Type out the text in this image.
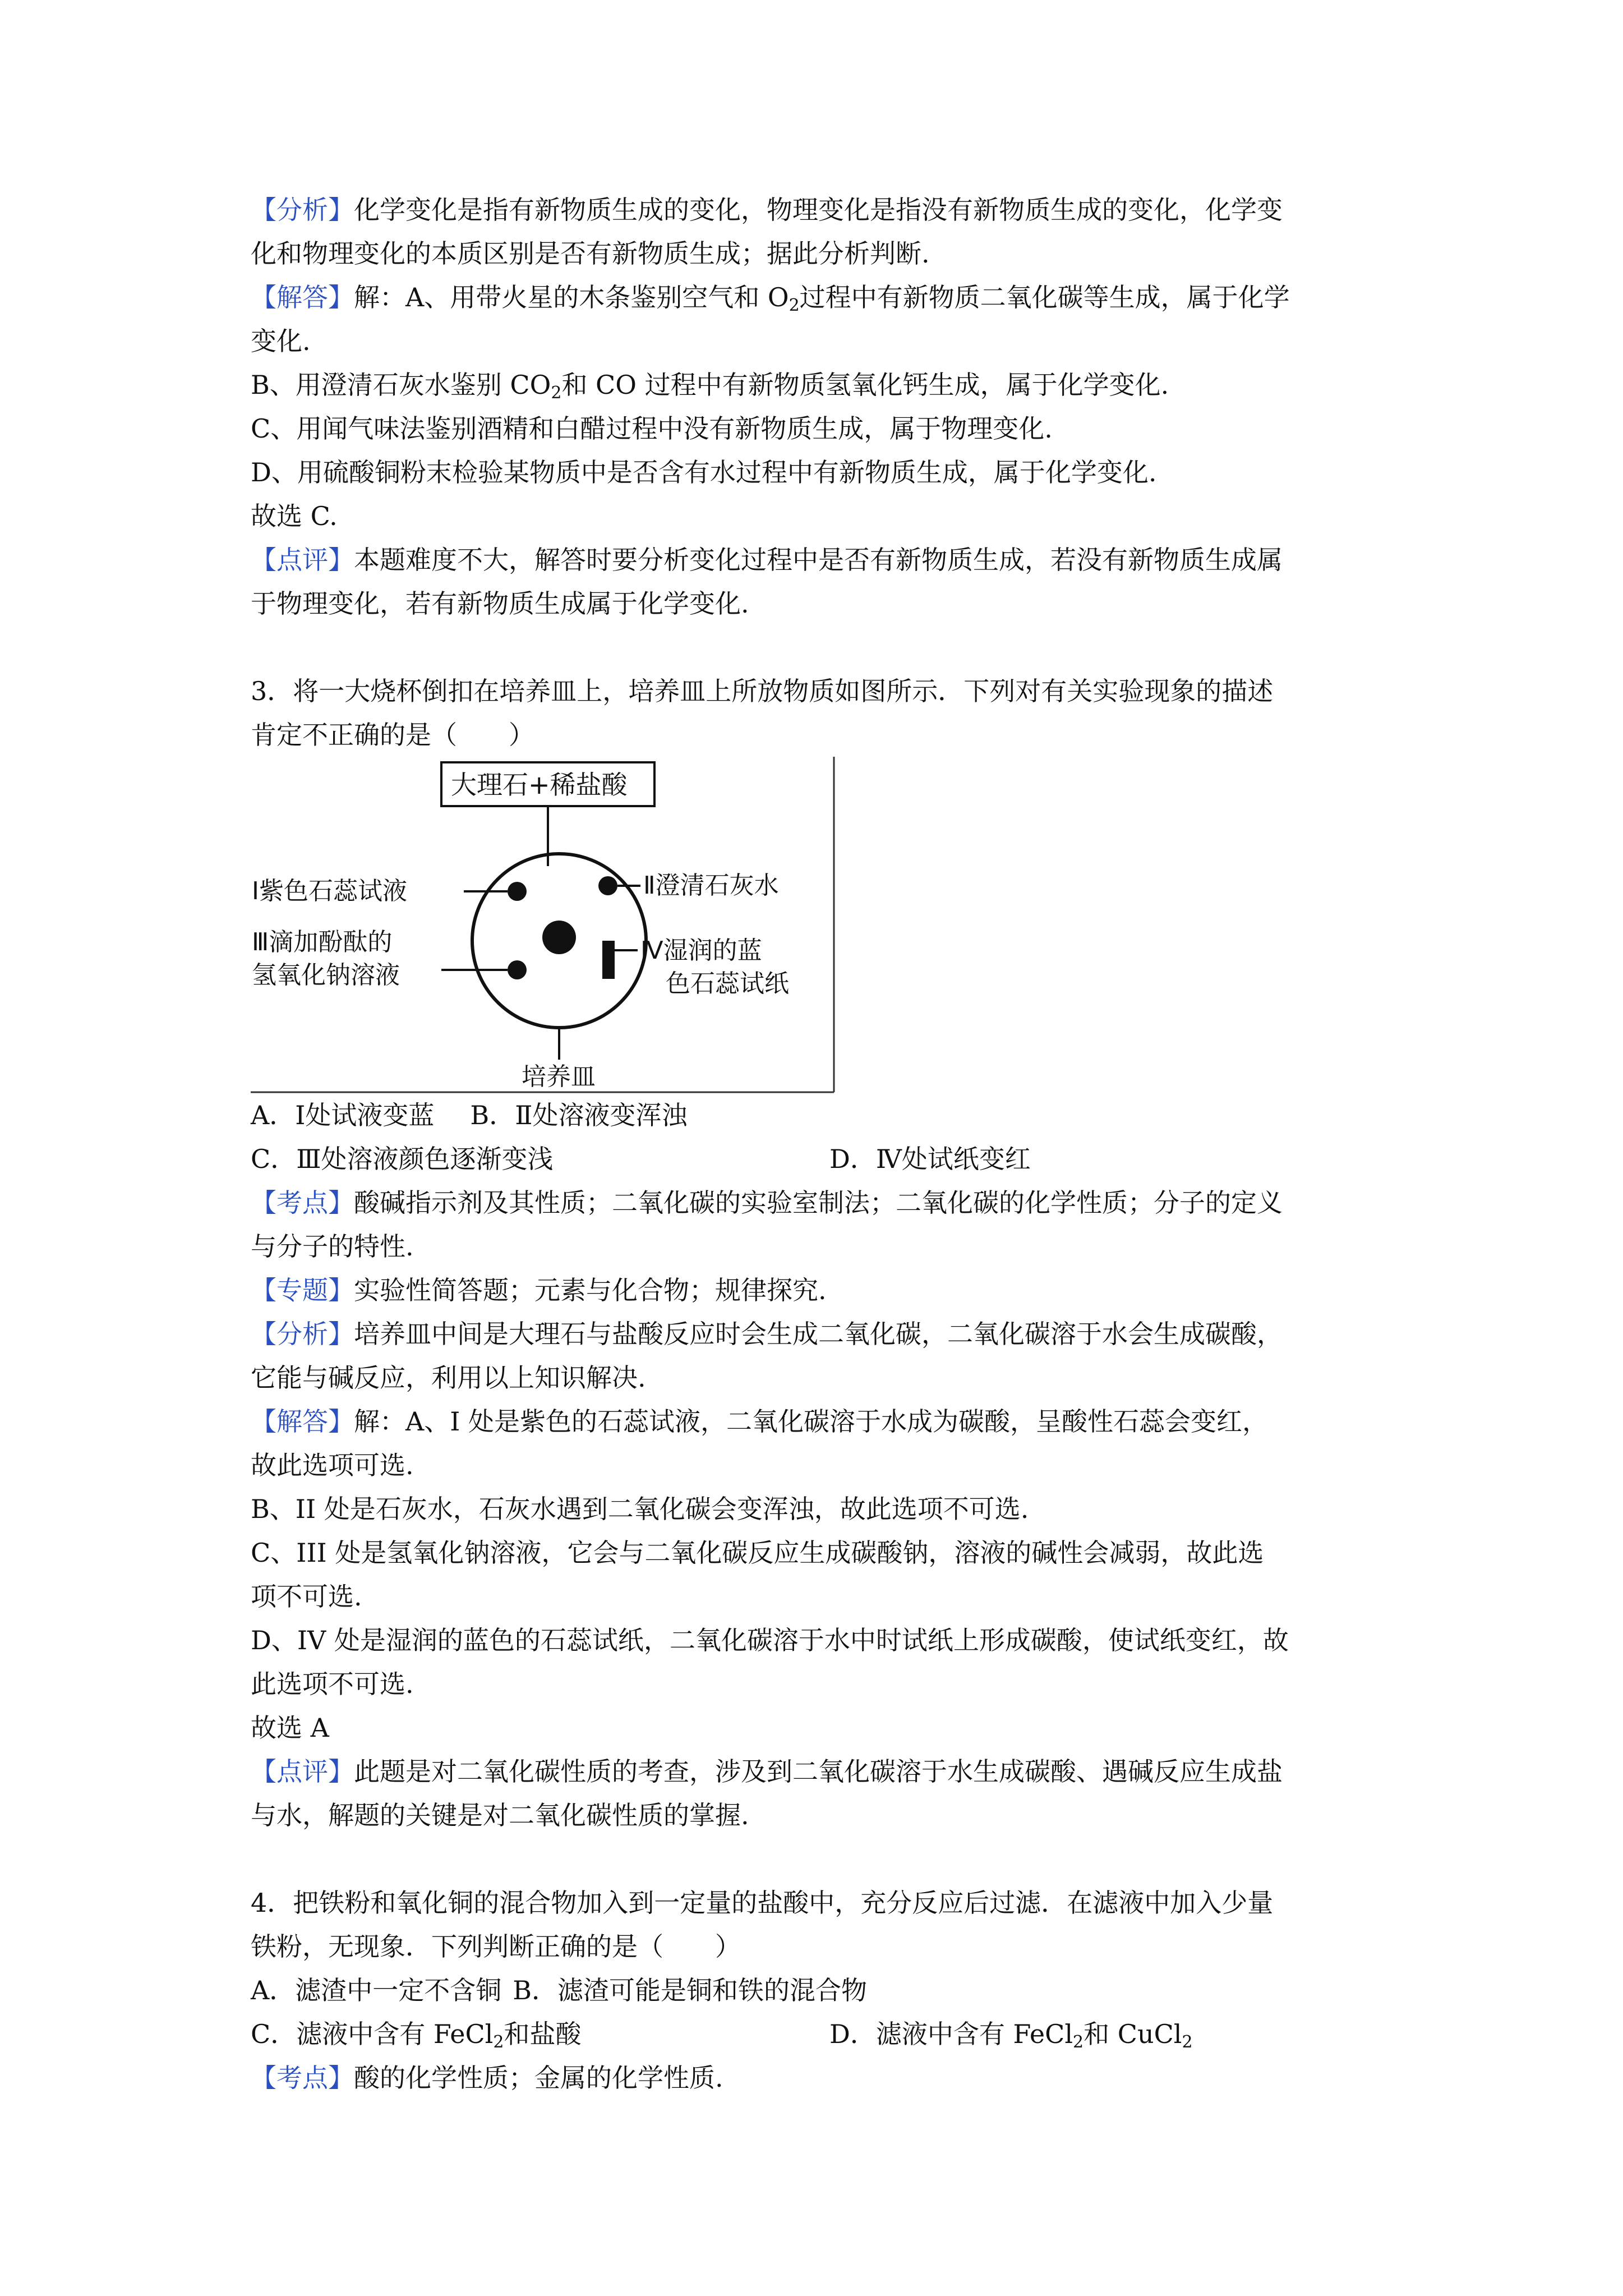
【分析】化学变化是指有新物质生成的变化，物理变化是指没有新物质生成的变化，化学变
化和物理变化的本质区别是否有新物质生成；据此分析判断.
【解答】解：A、用带火星的木条鉴别空气和 $O_2$过程中有新物质二氧化碳等生成，属于化学
变化.
B、用澄清石灰水鉴别 $CO_2$和 CO 过程中有新物质氢氧化钙生成，属于化学变化.
C、用闻气味法鉴别酒精和白醋过程中没有新物质生成，属于物理变化.
D、用硫酸铜粉末检验某物质中是否含有水过程中有新物质生成，属于化学变化.
故选 C.
【点评】本题难度不大，解答时要分析变化过程中是否有新物质生成，若没有新物质生成属
于物理变化，若有新物质生成属于化学变化.
3．将一大烧杯倒扣在培养皿上，培养皿上所放物质如图所示．下列对有关实验现象的描述
肯定不正确的是（　　）
大理石+稀盐酸
Ⅰ紫色石蕊试液	Ⅱ澄清石灰水
Ⅲ滴加酚酞的
氢氧化钠溶液
Ⅳ湿润的蓝
色石蕊试纸
培养皿
A．Ⅰ处试液变蓝 B．Ⅱ处溶液变浑浊
C．Ⅲ处溶液颜色逐渐变浅	D．Ⅳ处试纸变红
【考点】酸碱指示剂及其性质；二氧化碳的实验室制法；二氧化碳的化学性质；分子的定义
与分子的特性.
【专题】实验性简答题；元素与化合物；规律探究.
【分析】培养皿中间是大理石与盐酸反应时会生成二氧化碳，二氧化碳溶于水会生成碳酸，
它能与碱反应，利用以上知识解决.
【解答】解：A、I 处是紫色的石蕊试液，二氧化碳溶于水成为碳酸，呈酸性石蕊会变红，
故此选项可选.
B、II 处是石灰水，石灰水遇到二氧化碳会变浑浊，故此选项不可选.
C、III 处是氢氧化钠溶液，它会与二氧化碳反应生成碳酸钠，溶液的碱性会减弱，故此选
项不可选.
D、IV 处是湿润的蓝色的石蕊试纸，二氧化碳溶于水中时试纸上形成碳酸，使试纸变红，故
此选项不可选.
故选 A
【点评】此题是对二氧化碳性质的考查，涉及到二氧化碳溶于水生成碳酸、遇碱反应生成盐
与水，解题的关键是对二氧化碳性质的掌握.
4．把铁粉和氧化铜的混合物加入到一定量的盐酸中，充分反应后过滤．在滤液中加入少量
铁粉，无现象．下列判断正确的是（　　）
A．滤渣中一定不含铜 B．滤渣可能是铜和铁的混合物
C．滤液中含有 FeCl$_2$和盐酸	D．滤液中含有 FeCl$_2$和 CuCl$_2$
【考点】酸的化学性质；金属的化学性质.
